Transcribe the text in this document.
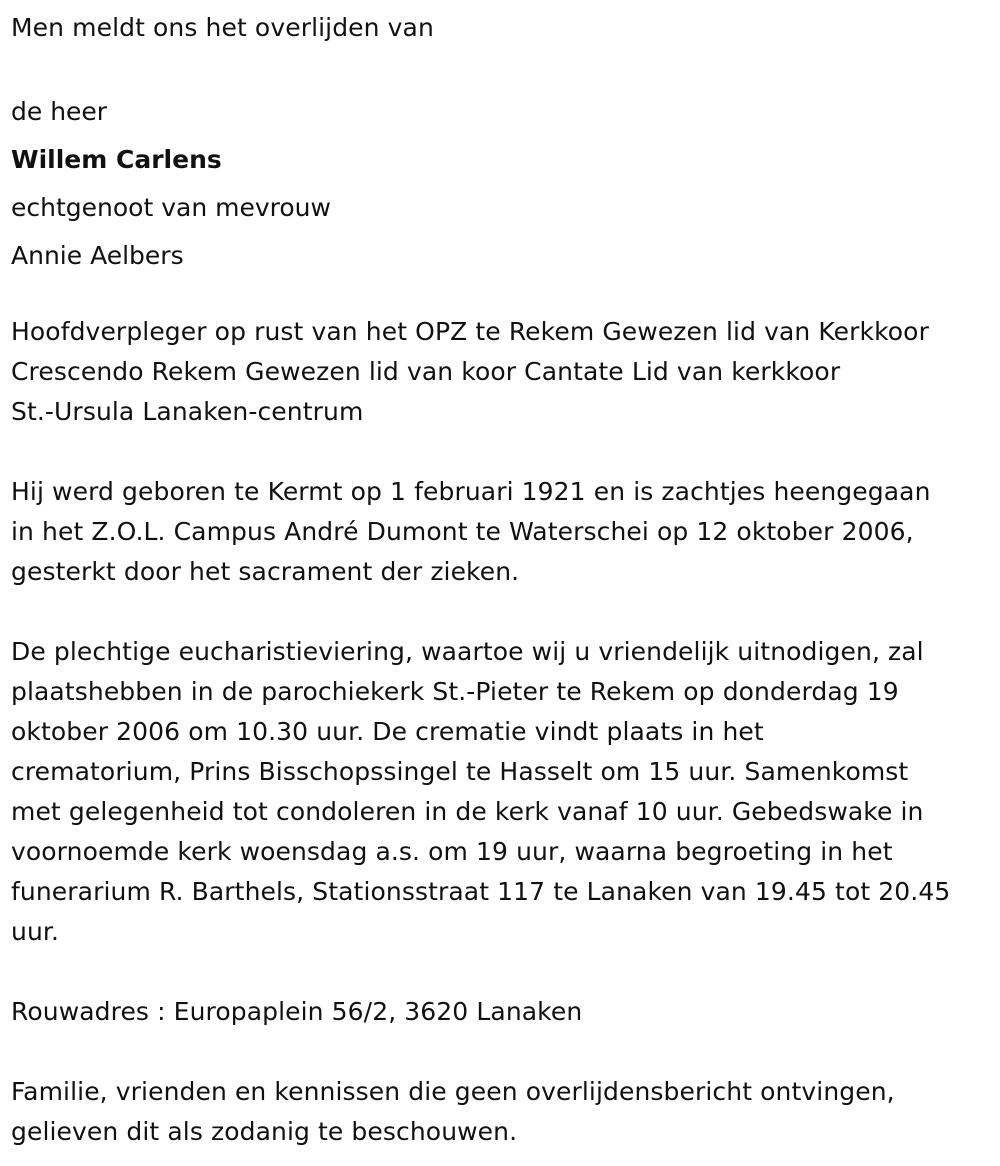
Men meldt ons het overlijden van

de heer

Willem Carlens

echtgenoot van mevrouw

Annie Aelbers

Hoofdverpleger op rust van het OPZ te Rekem Gewezen lid van Kerkkoor

Crescendo Rekem Gewezen lid van koor Cantate Lid van kerkkoor

St.-Ursula Lanaken-centrum

Hij werd geboren te Kermt op 1 februari 1921 en is zachtjes heengegaan

in het Z.O.L. Campus André Dumont te Waterschei op 12 oktober 2006,

gesterkt door het sacrament der zieken.

De plechtige eucharistieviering, waartoe wij u vriendelijk uitnodigen, zal

plaatshebben in de parochiekerk St.-Pieter te Rekem op donderdag 19

oktober 2006 om 10.30 uur. De crematie vindt plaats in het

crematorium, Prins Bisschopssingel te Hasselt om 15 uur. Samenkomst

met gelegenheid tot condoleren in de kerk vanaf 10 uur. Gebedswake in

voornoemde kerk woensdag a.s. om 19 uur, waarna begroeting in het

funerarium R. Barthels, Stationsstraat 117 te Lanaken van 19.45 tot 20.45

uur.

Rouwadres : Europaplein 56/2, 3620 Lanaken

Familie, vrienden en kennissen die geen overlijdensbericht ontvingen,

gelieven dit als zodanig te beschouwen.
